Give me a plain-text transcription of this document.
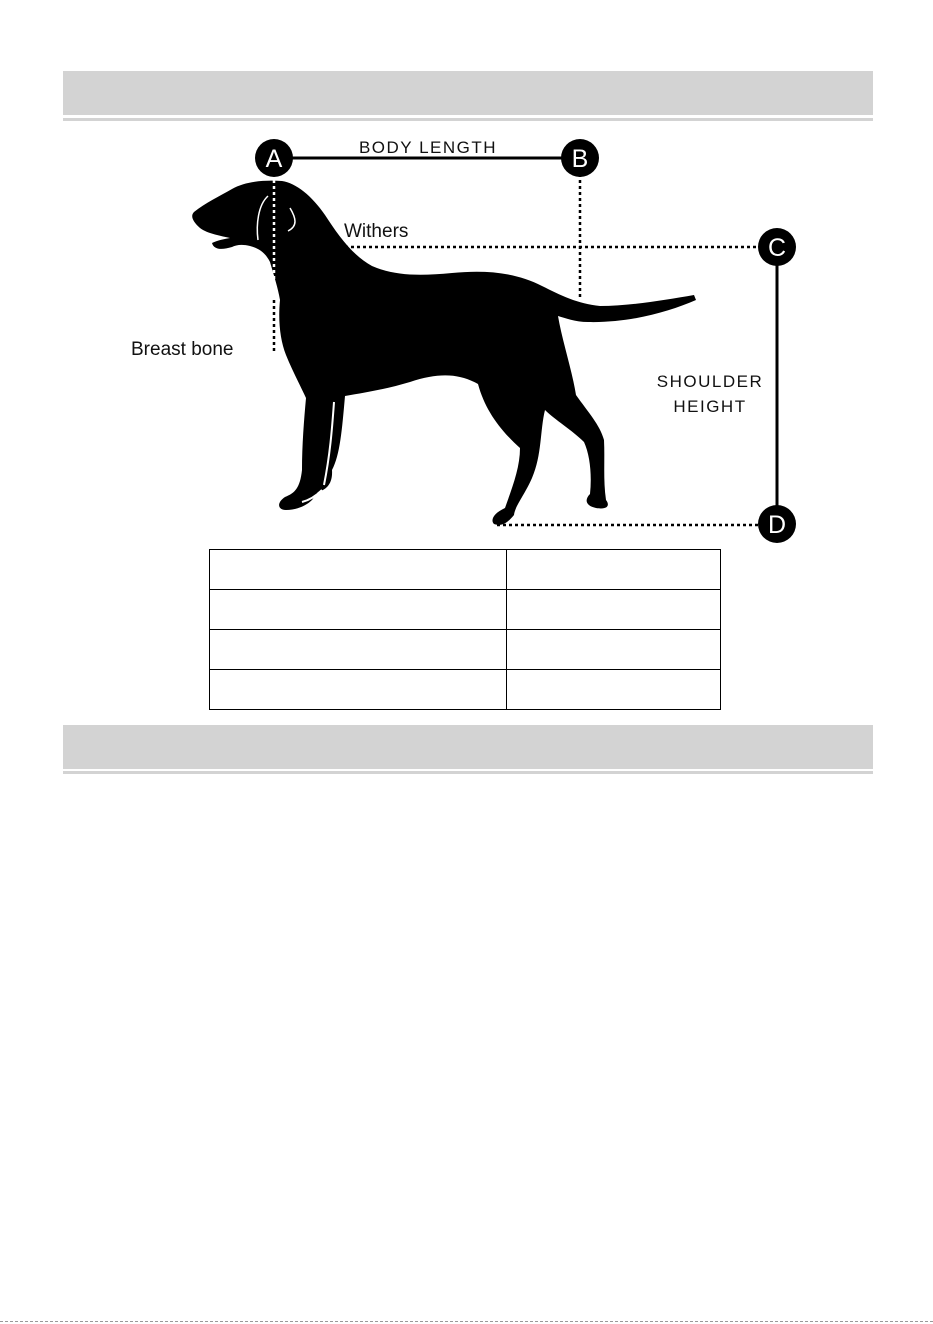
A	B
C
D
BODY LENGTH
Withers
Breast bone
SHOULDER
HEIGHT
